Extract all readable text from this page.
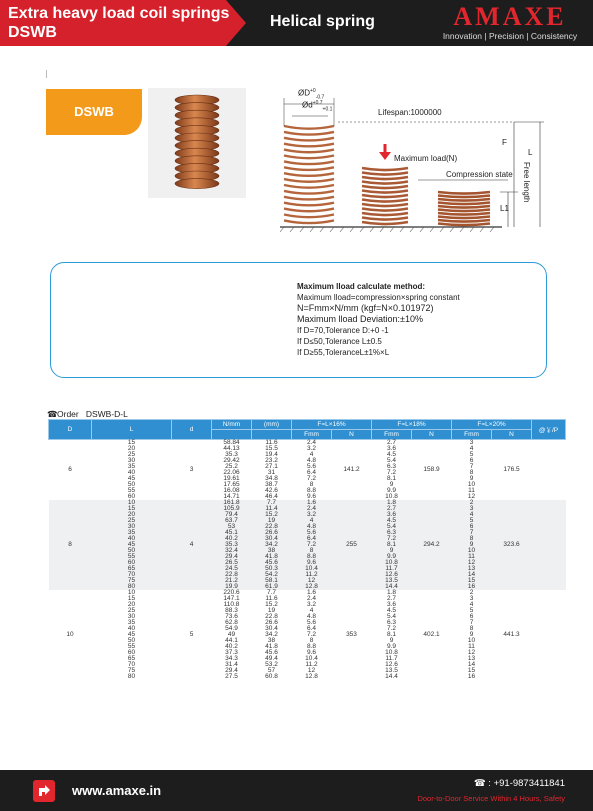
Extra heavy load coil springs
DSWB
Helical spring	AMAXE
Innovation | Precision | Consistency
DSWB
$ØD^{+0}_{-0.7}$
$Ød^{+0.7}_{+0.1}$	Lifespan:1000000
Maximum load(N)
Compression state
F
L
L1
Free length
Maximum lload calculate method:
Maximum lload=compression×spring constant
N=Fmm×N/mm (kgf=N×0.101972)
Maximum lload Deviation:±10%
If D=70,Tolerance D:+0 -1
If D≤50,Tolerance L±0.5
If D≥55,ToleranceL±1%×L
☎Order DSWB-D-L
D	L	d	N/mm	(mm)	F=L×16%		F=L×18%		F=L×20%		@￥/P
					Fmm	N	Fmm	N	Fmm	N	
6	15	3	58.84	11.6	2.4	141.2	2.7	158.9	3	176.5	
	20		44.13	15.5	3.2		3.6		4		
	25		35.3	19.4	4		4.5		5		
	30		29.42	23.2	4.8		5.4		6		
	35		25.2	27.1	5.6		6.3		7		
	40		22.06	31	6.4		7.2		8		
	45		19.61	34.8	7.2		8.1		9		
	50		17.65	38.7	8		9		10		
	55		16.08	42.6	8.8		9.9		11		
	60		14.71	46.4	9.6		10.8		12		
8	10	4	161.8	7.7	1.6	255	1.8	294.2	2	323.6	
	15		105.9	11.4	2.4		2.7		3		
	20		79.4	15.2	3.2		3.6		4		
	25		63.7	19	4		4.5		5		
	30		53	22.8	4.8		5.4		6		
	35		45.1	26.6	5.6		6.3		7		
	40		40.2	30.4	6.4		7.2		8		
	45		35.3	34.2	7.2		8.1		9		
	50		32.4	38	8		9		10		
	55		29.4	41.8	8.8		9.9		11		
	60		26.5	45.6	9.6		10.8		12		
	65		24.5	50.3	10.4		11.7		13		
	70		22.8	54.2	11.2		12.6		14		
	75		21.2	58.1	12		13.5		15		
	80		19.9	61.9	12.8		14.4		16		
10	10	5	220.6	7.7	1.6	353	1.8	402.1	2	441.3	
	15		147.1	11.6	2.4		2.7		3		
	20		110.8	15.2	3.2		3.6		4		
	25		88.3	19	4		4.5		5		
	30		73.6	22.8	4.8		5.4		6		
	35		62.8	26.6	5.6		6.3		7		
	40		54.9	30.4	6.4		7.2		8		
	45		49	34.2	7.2		8.1		9		
	50		44.1	38	8		9		10		
	55		40.2	41.8	8.8		9.9		11		
	60		37.3	45.6	9.6		10.8		12		
	65		34.3	49.4	10.4		11.7		13		
	70		31.4	53.2	11.2		12.6		14		
	75		29.4	57	12		13.5		15		
	80		27.5	60.8	12.8		14.4		16		
www.amaxe.in	☎ : +91-9873411841
Door-to-Door Service Within 4 Hours, Safety
